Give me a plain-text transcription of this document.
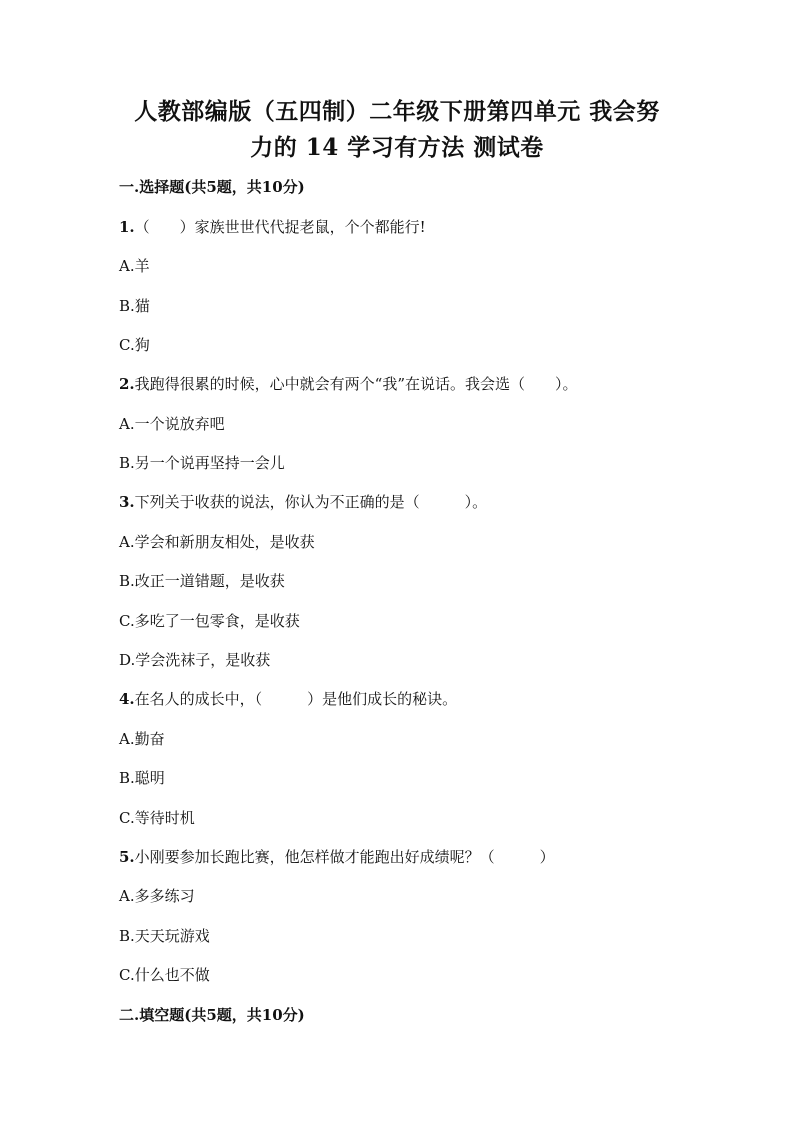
人教部编版（五四制）二年级下册第四单元 我会努
力的 14 学习有方法 测试卷
一.选择题(共5题，共10分)
1.（　　）家族世世代代捉老鼠，个个都能行!
A.羊
B.猫
C.狗
2.我跑得很累的时候，心中就会有两个“我”在说话。我会选（　　）。
A.一个说放弃吧
B.另一个说再坚持一会儿
3.下列关于收获的说法，你认为不正确的是（　　　）。
A.学会和新朋友相处，是收获
B.改正一道错题，是收获
C.多吃了一包零食，是收获
D.学会洗袜子，是收获
4.在名人的成长中，（　　　）是他们成长的秘诀。
A.勤奋
B.聪明
C.等待时机
5.小刚要参加长跑比赛，他怎样做才能跑出好成绩呢？（　　　）
A.多多练习
B.天天玩游戏
C.什么也不做
二.填空题(共5题，共10分)
